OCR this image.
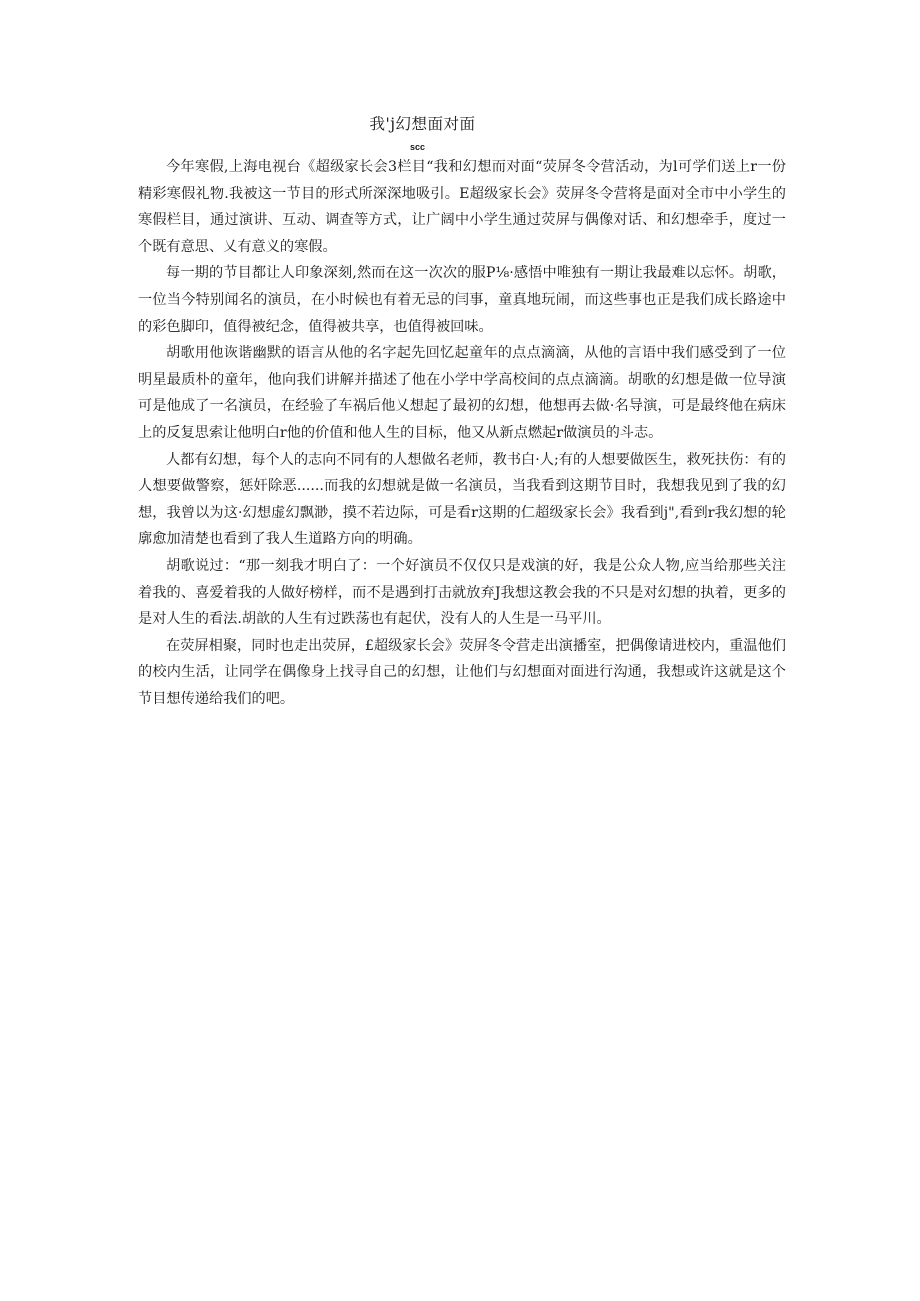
我'j幻想面对面
scc

今年寒假,上海电视台《超级家长会3栏目“我和幻想而对面“荧屏冬令营活动，为l可学们送上r一份精彩寒假礼物.我被这一节目的形式所深深地吸引。E超级家长会》荧屏冬令营将是面对全市中小学生的寒假栏目，通过演讲、互动、调查等方式，让广阔中小学生通过荧屏与偶像对话、和幻想牵手，度过一个既有意思、乂有意义的寒假。

每一期的节目都让人印象深刻,然而在这一次次的服P⅛·感悟中唯独有一期让我最难以忘怀。胡歌，一位当今特别闻名的演员，在小时候也有着无忌的闫事，童真地玩闹，而这些事也正是我们成长路途中的彩色脚印，值得被纪念，值得被共享，也值得被回味。

胡歌用他诙谐幽默的语言从他的名字起先回忆起童年的点点滴滴，从他的言语中我们感受到了一位明星最质朴的童年，他向我们讲解并描述了他在小学中学高校间的点点滴滴。胡歌的幻想是做一位导演可是他成了一名演员，在经验了车祸后他乂想起了最初的幻想，他想再去做·名导演，可是最终他在病床上的反复思索让他明白r他的价值和他人生的目标，他又从新点燃起r做演员的斗志。

人都有幻想，每个人的志向不同有的人想做名老师，教书白·人;有的人想要做医生，救死扶伤：有的人想要做警察，惩奸除恶......而我的幻想就是做一名演员，当我看到这期节目时，我想我见到了我的幻想，我曾以为这·幻想虚幻飘渺，摸不若边际，可是看r这期的仁超级家长会》我看到j",看到r我幻想的轮廓愈加清楚也看到了我人生道路方向的明确。

胡歌说过：“那一刻我才明白了：一个好演员不仅仅只是戏演的好，我是公众人物,应当给那些关注着我的、喜爱着我的人做好榜样，而不是遇到打击就放弃J我想这教会我的不只是对幻想的执着，更多的是对人生的看法.胡歆的人生有过跌荡也有起伏，没有人的人生是一马平川。

在荧屏相聚，同时也走出荧屏，£超级家长会》荧屏冬令营走出演播室，把偶像请进校内，重温他们的校内生活，让同学在偶像身上找寻自己的幻想，让他们与幻想面对面进行沟通，我想或许这就是这个节目想传递给我们的吧。
